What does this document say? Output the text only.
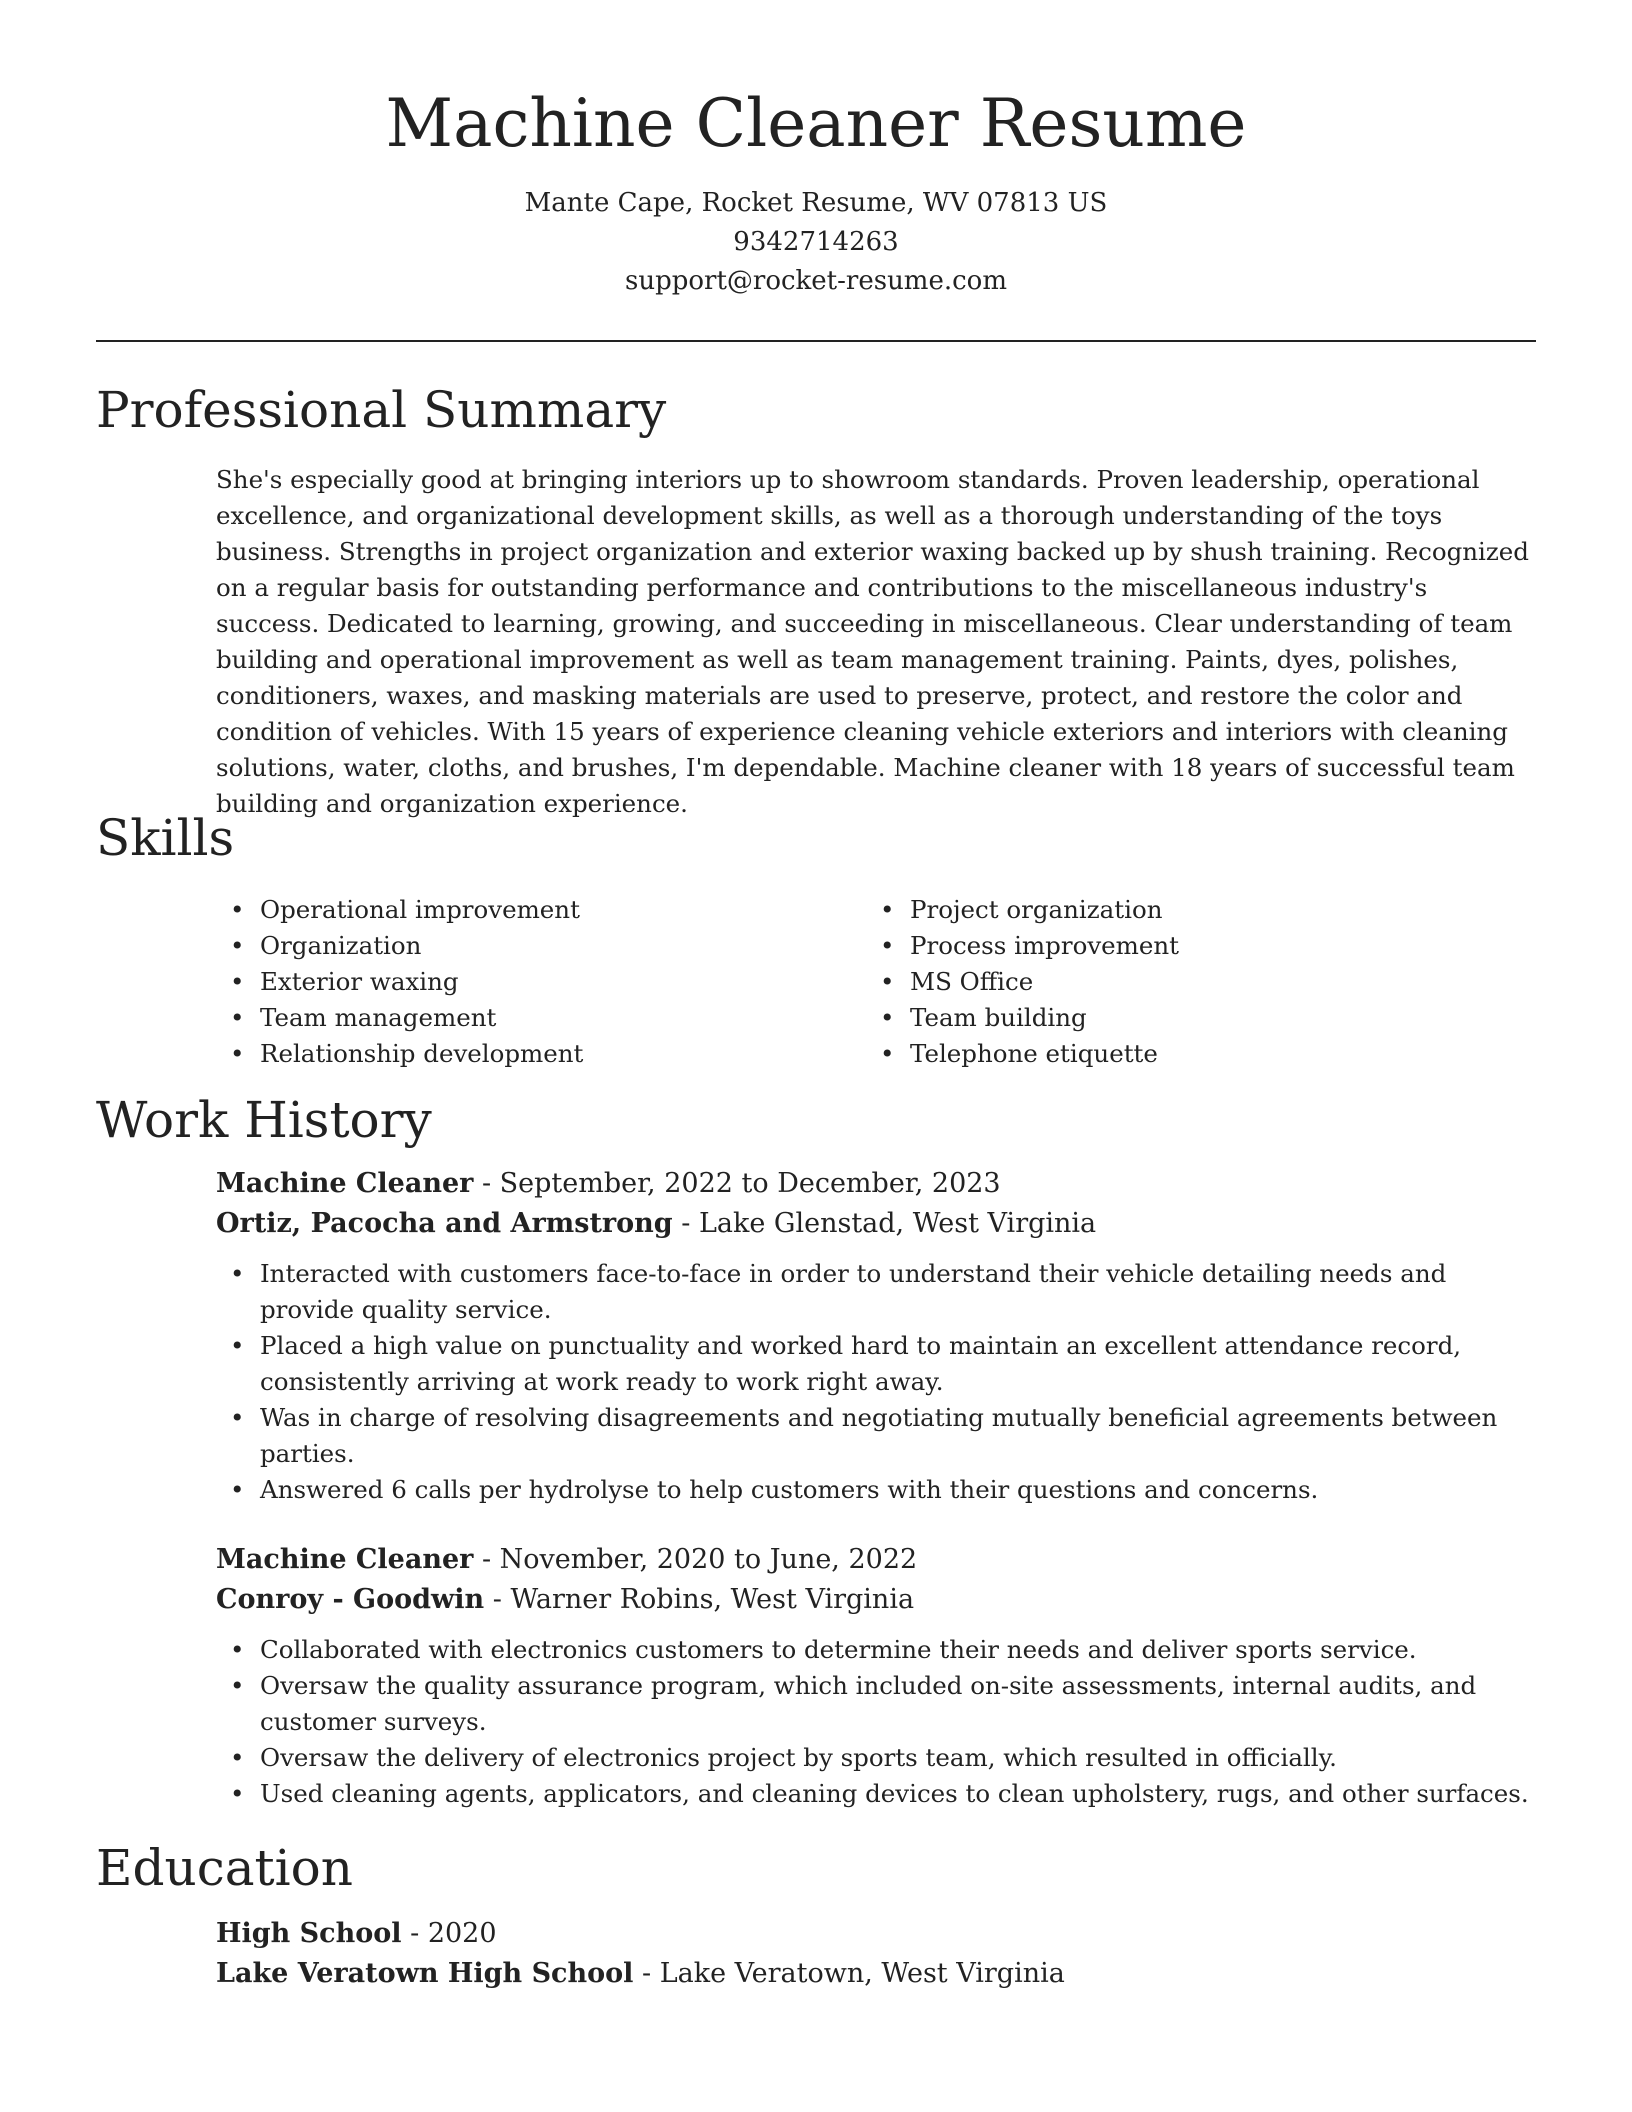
Machine Cleaner Resume
Mante Cape, Rocket Resume, WV 07813 US
9342714263
support@rocket-resume.com
Professional Summary

She's especially good at bringing interiors up to showroom standards. Proven leadership, operational excellence, and organizational development skills, as well as a thorough understanding of the toys business. Strengths in project organization and exterior waxing backed up by shush training. Recognized on a regular basis for outstanding performance and contributions to the miscellaneous industry's success. Dedicated to learning, growing, and succeeding in miscellaneous. Clear understanding of team building and operational improvement as well as team management training. Paints, dyes, polishes, conditioners, waxes, and masking materials are used to preserve, protect, and restore the color and condition of vehicles. With 15 years of experience cleaning vehicle exteriors and interiors with cleaning solutions, water, cloths, and brushes, I'm dependable. Machine cleaner with 18 years of successful team building and organization experience.

Skills
• Operational improvement
• Organization
• Exterior waxing
• Team management
• Relationship development
• Project organization
• Process improvement
• MS Office
• Team building
• Telephone etiquette
Work History
Machine Cleaner - September, 2022 to December, 2023
Ortiz, Pacocha and Armstrong - Lake Glenstad, West Virginia
• Interacted with customers face-to-face in order to understand their vehicle detailing needs and provide quality service.
• Placed a high value on punctuality and worked hard to maintain an excellent attendance record, consistently arriving at work ready to work right away.
• Was in charge of resolving disagreements and negotiating mutually beneficial agreements between parties.
• Answered 6 calls per hydrolyse to help customers with their questions and concerns.
Machine Cleaner - November, 2020 to June, 2022
Conroy - Goodwin - Warner Robins, West Virginia
• Collaborated with electronics customers to determine their needs and deliver sports service.
• Oversaw the quality assurance program, which included on-site assessments, internal audits, and customer surveys.
• Oversaw the delivery of electronics project by sports team, which resulted in officially.
• Used cleaning agents, applicators, and cleaning devices to clean upholstery, rugs, and other surfaces.
Education
High School - 2020
Lake Veratown High School - Lake Veratown, West Virginia
